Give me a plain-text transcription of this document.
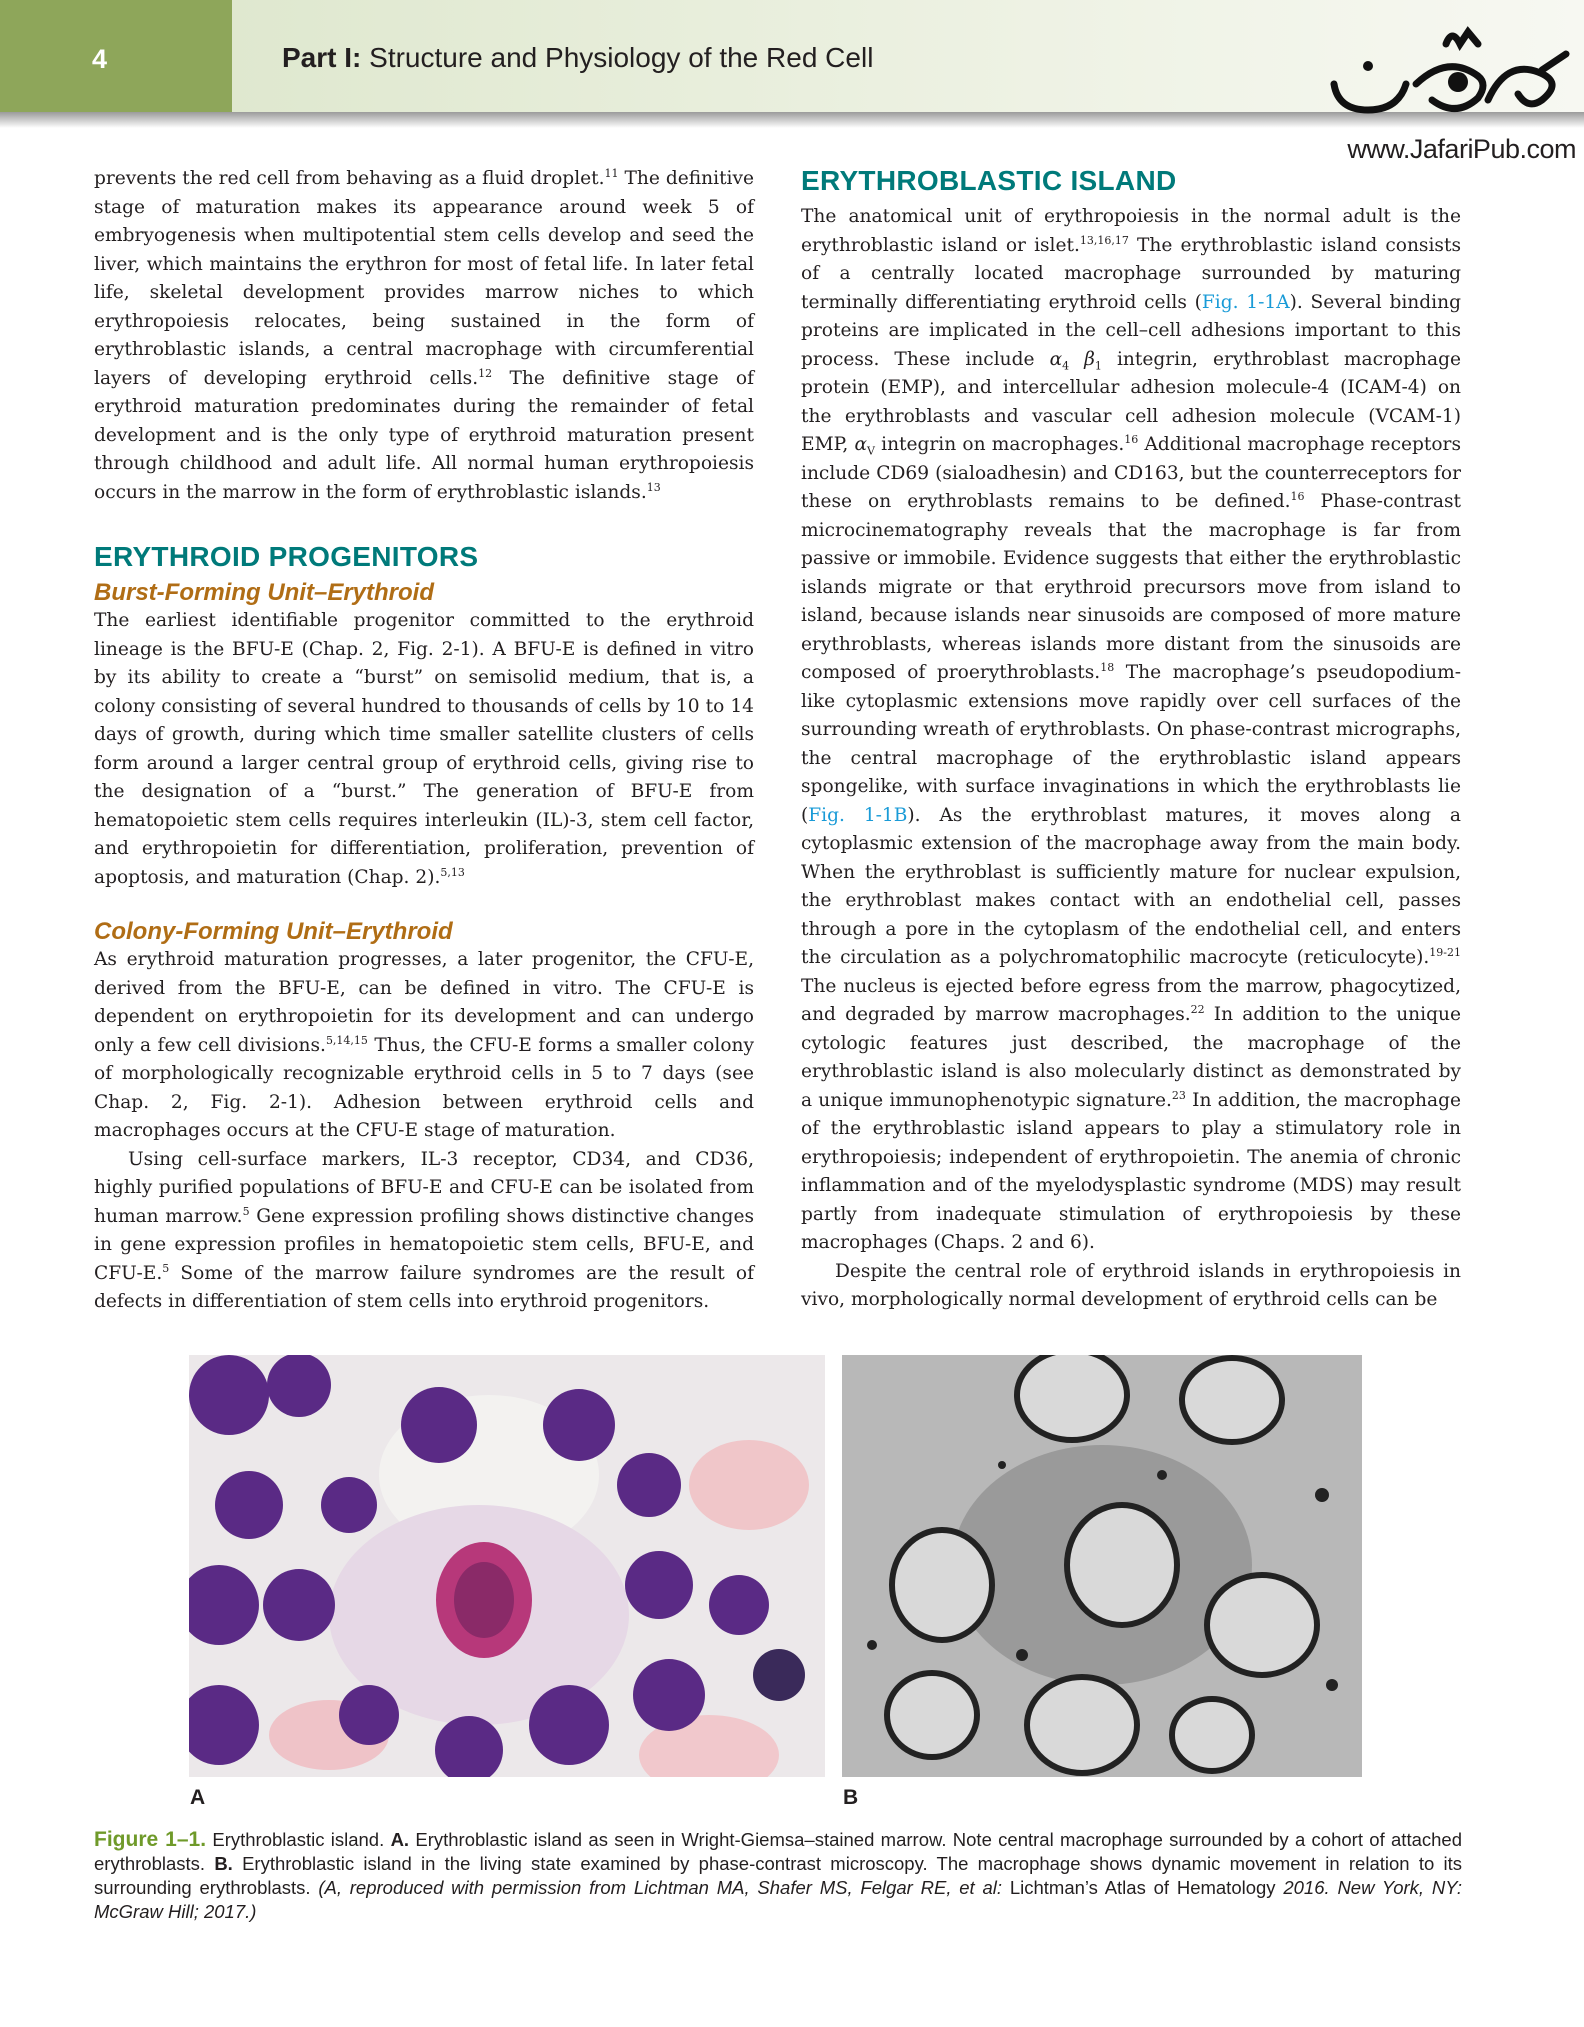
4	Part I: Structure and Physiology of the Red Cell
www.JafariPub.com

prevents the red cell from behaving as a fluid droplet.$^{11}$ The definitive stage of maturation makes its appearance around week 5 of embryogenesis when multipotential stem cells develop and seed the liver, which maintains the erythron for most of fetal life. In later fetal life, skeletal development provides marrow niches to which erythropoiesis relocates, being sustained in the form of erythroblastic islands, a central macrophage with circumferential layers of developing erythroid cells.$^{12}$ The definitive stage of erythroid maturation predominates during the remainder of fetal development and is the only type of erythroid maturation present through childhood and adult life. All normal human erythropoiesis occurs in the marrow in the form of erythroblastic islands.$^{13}$

ERYTHROID PROGENITORS
Burst-Forming Unit–Erythroid

The earliest identifiable progenitor committed to the erythroid lineage is the BFU-E (Chap. 2, Fig. 2-1). A BFU-E is defined in vitro by its ability to create a “burst” on semisolid medium, that is, a colony consisting of several hundred to thousands of cells by 10 to 14 days of growth, during which time smaller satellite clusters of cells form around a larger central group of erythroid cells, giving rise to the designation of a “burst.” The generation of BFU-E from hematopoietic stem cells requires interleukin (IL)-3, stem cell factor, and erythropoietin for differentiation, proliferation, prevention of apoptosis, and maturation (Chap. 2).$^{5,13}$

Colony-Forming Unit–Erythroid

As erythroid maturation progresses, a later progenitor, the CFU-E, derived from the BFU-E, can be defined in vitro. The CFU-E is dependent on erythropoietin for its development and can undergo only a few cell divisions.$^{5,14,15}$ Thus, the CFU-E forms a smaller colony of morphologically recognizable erythroid cells in 5 to 7 days (see Chap. 2, Fig. 2-1). Adhesion between erythroid cells and macrophages occurs at the CFU-E stage of maturation.

Using cell-surface markers, IL-3 receptor, CD34, and CD36, highly purified populations of BFU-E and CFU-E can be isolated from human marrow.$^5$ Gene expression profiling shows distinctive changes in gene expression profiles in hematopoietic stem cells, BFU-E, and CFU-E.$^5$ Some of the marrow failure syndromes are the result of defects in differentiation of stem cells into erythroid progenitors.

ERYTHROBLASTIC ISLAND

The anatomical unit of erythropoiesis in the normal adult is the erythroblastic island or islet.$^{13,16,17}$ The erythroblastic island consists of a centrally located macrophage surrounded by maturing terminally differentiating erythroid cells (Fig. 1-1A). Several binding proteins are implicated in the cell–cell adhesions important to this process. These include $\alpha_4$ $\beta_1$ integrin, erythroblast macrophage protein (EMP), and intercellular adhesion molecule-4 (ICAM-4) on the erythroblasts and vascular cell adhesion molecule (VCAM-1) EMP, $\alpha_V$ integrin on macrophages.$^{16}$ Additional macrophage receptors include CD69 (sialoadhesin) and CD163, but the counterreceptors for these on erythroblasts remains to be defined.$^{16}$ Phase-contrast microcinematography reveals that the macrophage is far from passive or immobile. Evidence suggests that either the erythroblastic islands migrate or that erythroid precursors move from island to island, because islands near sinusoids are composed of more mature erythroblasts, whereas islands more distant from the sinusoids are composed of proerythroblasts.$^{18}$ The macrophage’s pseudopodium-like cytoplasmic extensions move rapidly over cell surfaces of the surrounding wreath of erythroblasts. On phase-contrast micrographs, the central macrophage of the erythroblastic island appears spongelike, with surface invaginations in which the erythroblasts lie (Fig. 1-1B). As the erythroblast matures, it moves along a cytoplasmic extension of the macrophage away from the main body. When the erythroblast is sufficiently mature for nuclear expulsion, the erythroblast makes contact with an endothelial cell, passes through a pore in the cytoplasm of the endothelial cell, and enters the circulation as a polychromatophilic macrocyte (reticulocyte).$^{19-21}$ The nucleus is ejected before egress from the marrow, phagocytized, and degraded by marrow macrophages.$^{22}$ In addition to the unique cytologic features just described, the macrophage of the erythroblastic island is also molecularly distinct as demonstrated by a unique immunophenotypic signature.$^{23}$ In addition, the macrophage of the erythroblastic island appears to play a stimulatory role in erythropoiesis; independent of erythropoietin. The anemia of chronic inflammation and of the myelodysplastic syndrome (MDS) may result partly from inadequate stimulation of erythropoiesis by these macrophages (Chaps. 2 and 6).

Despite the central role of erythroid islands in erythropoiesis in vivo, morphologically normal development of erythroid cells can be

A	B
Figure 1–1. Erythroblastic island. A. Erythroblastic island as seen in Wright-Giemsa–stained marrow. Note central macrophage surrounded by a cohort of attached erythroblasts. B. Erythroblastic island in the living state examined by phase-contrast microscopy. The macrophage shows dynamic movement in relation to its surrounding erythroblasts. (A, reproduced with permission from Lichtman MA, Shafer MS, Felgar RE, et al: Lichtman’s Atlas of Hematology 2016. New York, NY: McGraw Hill; 2017.)
